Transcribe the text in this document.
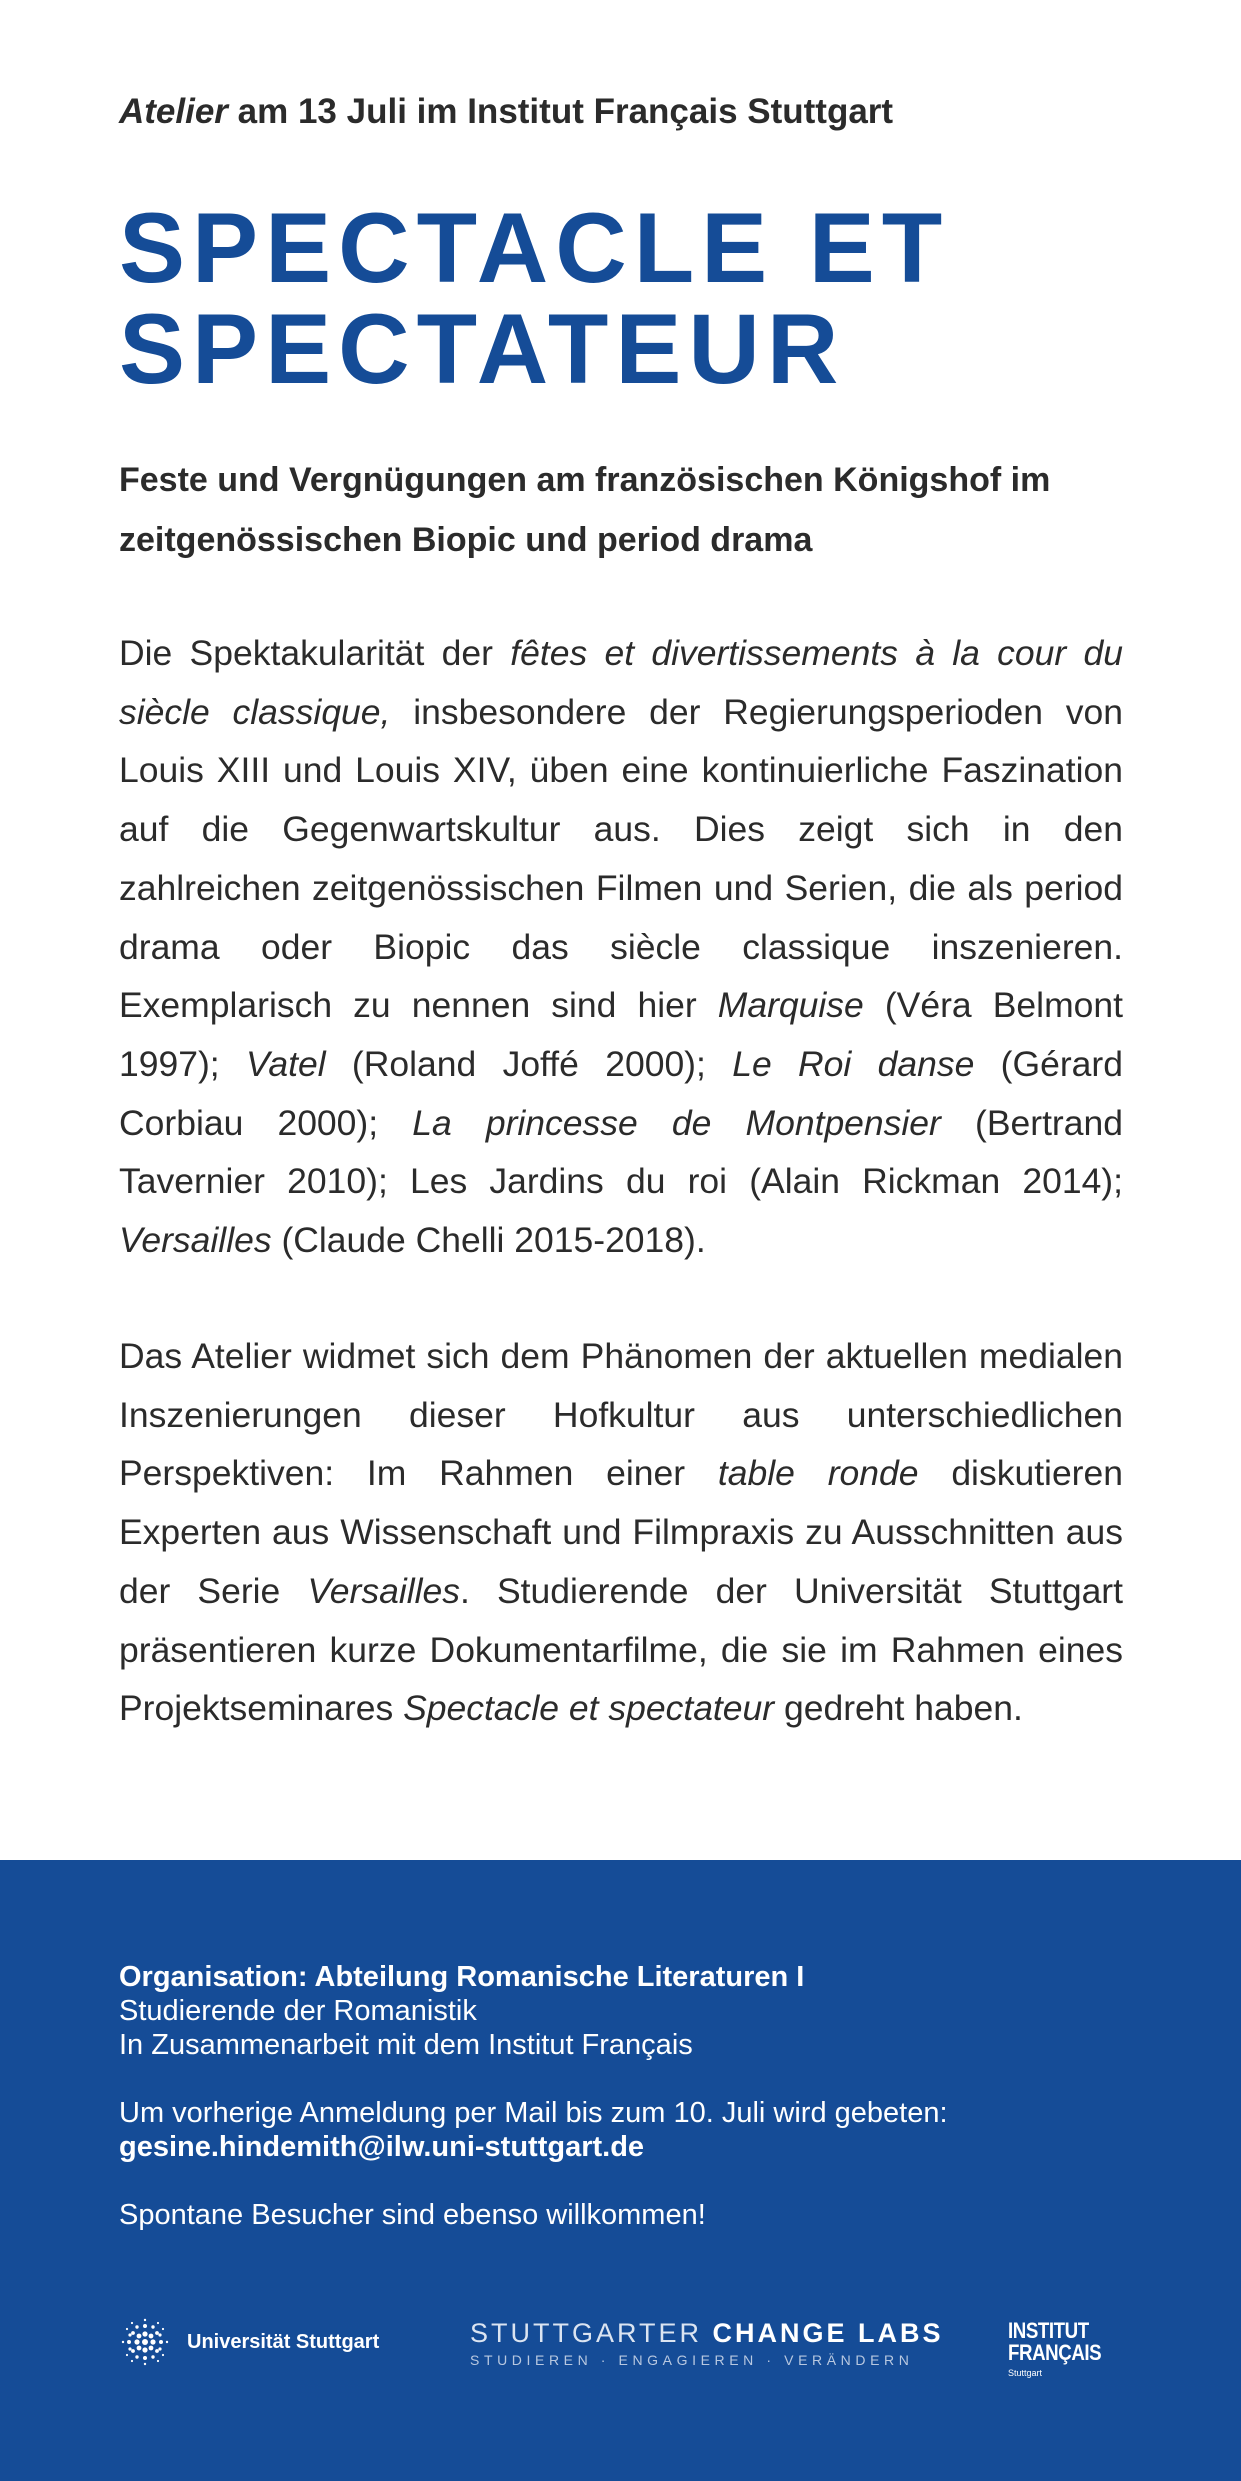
Atelier am 13 Juli im Institut Français Stuttgart
SPECTACLE ET
SPECTATEUR

Feste und Vergnügungen am französischen Königshof im
zeitgenössischen Biopic und period drama

Die Spektakularität der fêtes et divertissements à la cour du siècle classique, insbesondere der Regierungsperioden von Louis XIII und Louis XIV, üben eine kontinuierliche Faszination auf die Gegenwartskultur aus. Dies zeigt sich in den zahlreichen zeitgenössischen Filmen und Serien, die als period drama oder Biopic das siècle classique inszenieren. Exemplarisch zu nennen sind hier Marquise (Véra Belmont 1997); Vatel (Roland Joffé 2000); Le Roi danse (Gérard Corbiau 2000); La princesse de Montpensier (Bertrand Tavernier 2010); Les Jardins du roi (Alain Rickman 2014); Versailles (Claude Chelli 2015-2018).

Das Atelier widmet sich dem Phänomen der aktuellen medialen Inszenierungen dieser Hofkultur aus unterschiedlichen Perspektiven: Im Rahmen einer table ronde diskutieren Experten aus Wissenschaft und Filmpraxis zu Ausschnitten aus der Serie Versailles. Studierende der Universität Stuttgart präsentieren kurze Dokumentarfilme, die sie im Rahmen eines Projektseminares Spectacle et spectateur gedreht haben.

Organisation: Abteilung Romanische Literaturen I
Studierende der Romanistik
In Zusammenarbeit mit dem Institut Français
Um vorherige Anmeldung per Mail bis zum 10. Juli wird gebeten:
gesine.hindemith@ilw.uni-stuttgart.de
Spontane Besucher sind ebenso willkommen!
Universität Stuttgart	STUTTGARTER CHANGE LABS
STUDIEREN · ENGAGIEREN · VERÄNDERN
INSTITUT
FRANÇAIS
Stuttgart
